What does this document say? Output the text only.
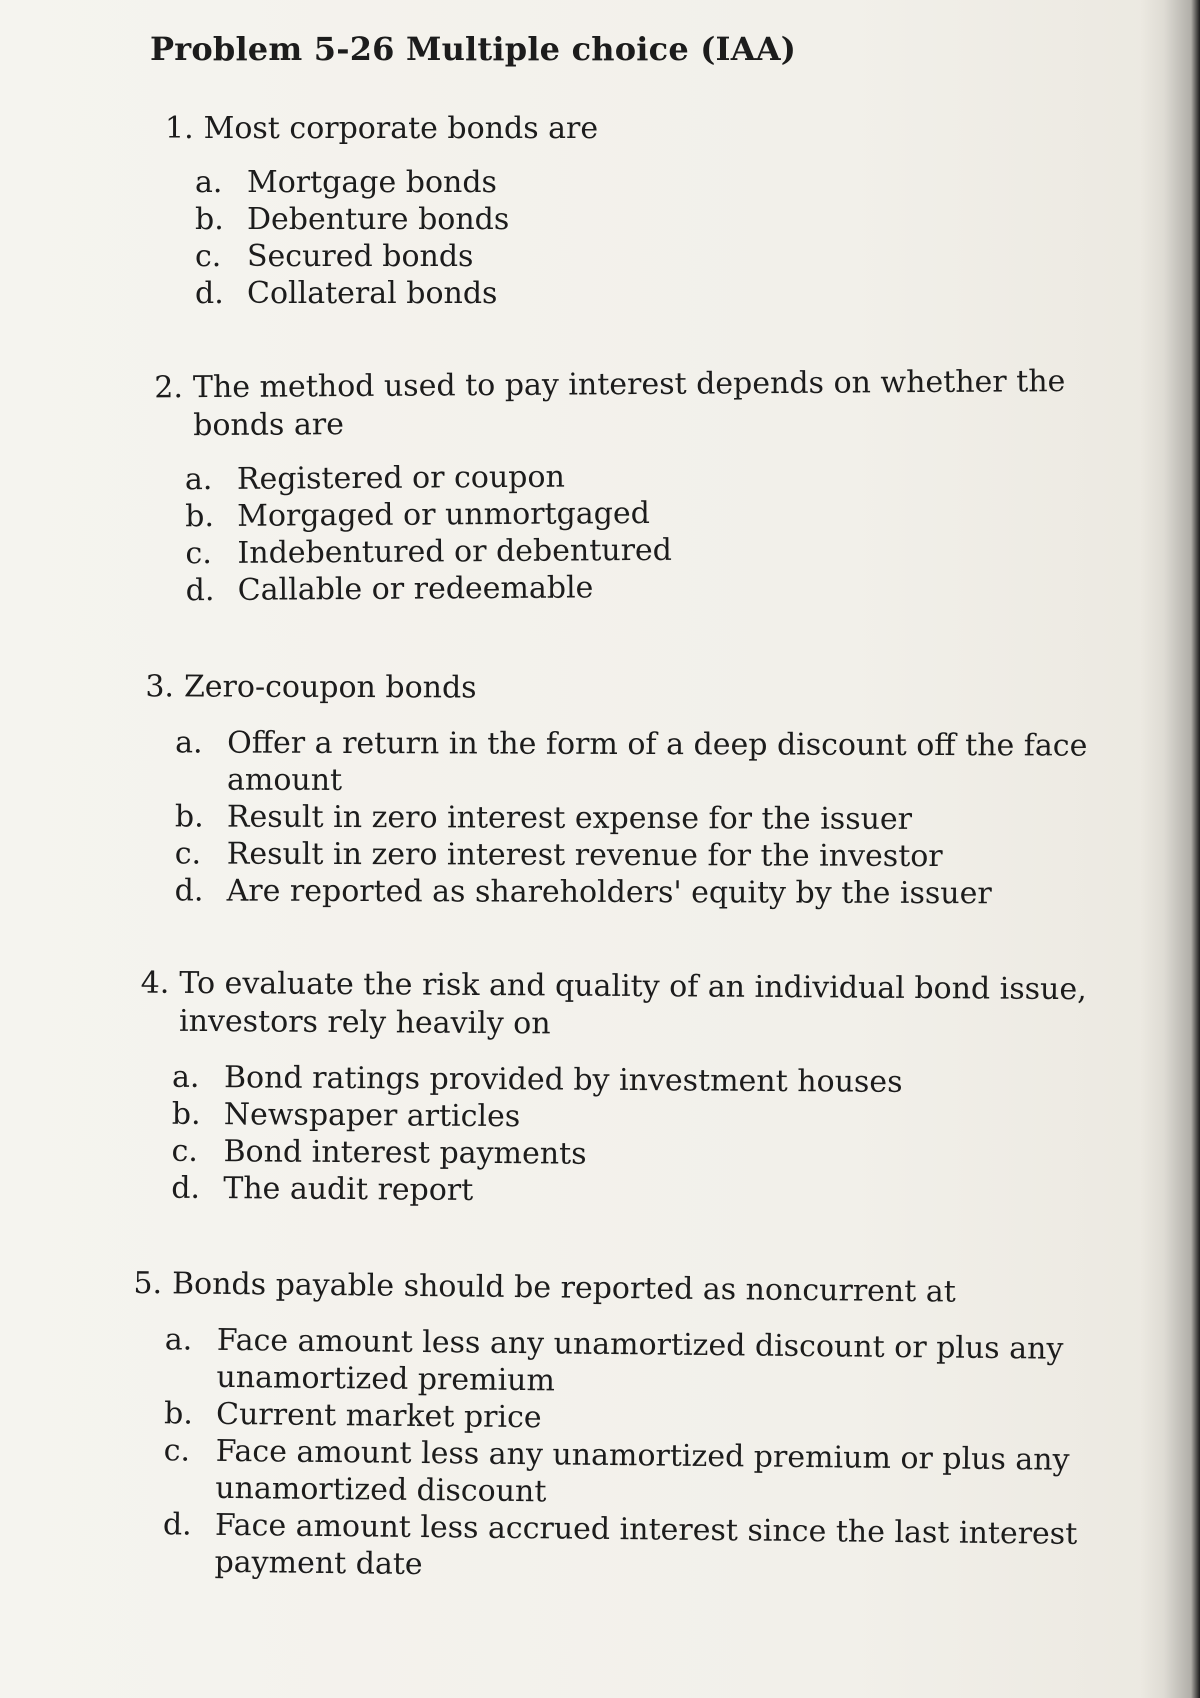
Problem 5-26 Multiple choice (IAA)
1. Most corporate bonds are
a. Mortgage bonds
b. Debenture bonds
c. Secured bonds
d. Collateral bonds
2. The method used to pay interest depends on whether the bonds are
a. Registered or coupon
b. Morgaged or unmortgaged
c. Indebentured or debentured
d. Callable or redeemable
3. Zero-coupon bonds
a. Offer a return in the form of a deep discount off the face amount
b. Result in zero interest expense for the issuer
c. Result in zero interest revenue for the investor
d. Are reported as shareholders' equity by the issuer
4. To evaluate the risk and quality of an individual bond issue, investors rely heavily on
a. Bond ratings provided by investment houses
b. Newspaper articles
c. Bond interest payments
d. The audit report
5. Bonds payable should be reported as noncurrent at
a. Face amount less any unamortized discount or plus any unamortized premium
b. Current market price
c. Face amount less any unamortized premium or plus any unamortized discount
d. Face amount less accrued interest since the last interest payment date
